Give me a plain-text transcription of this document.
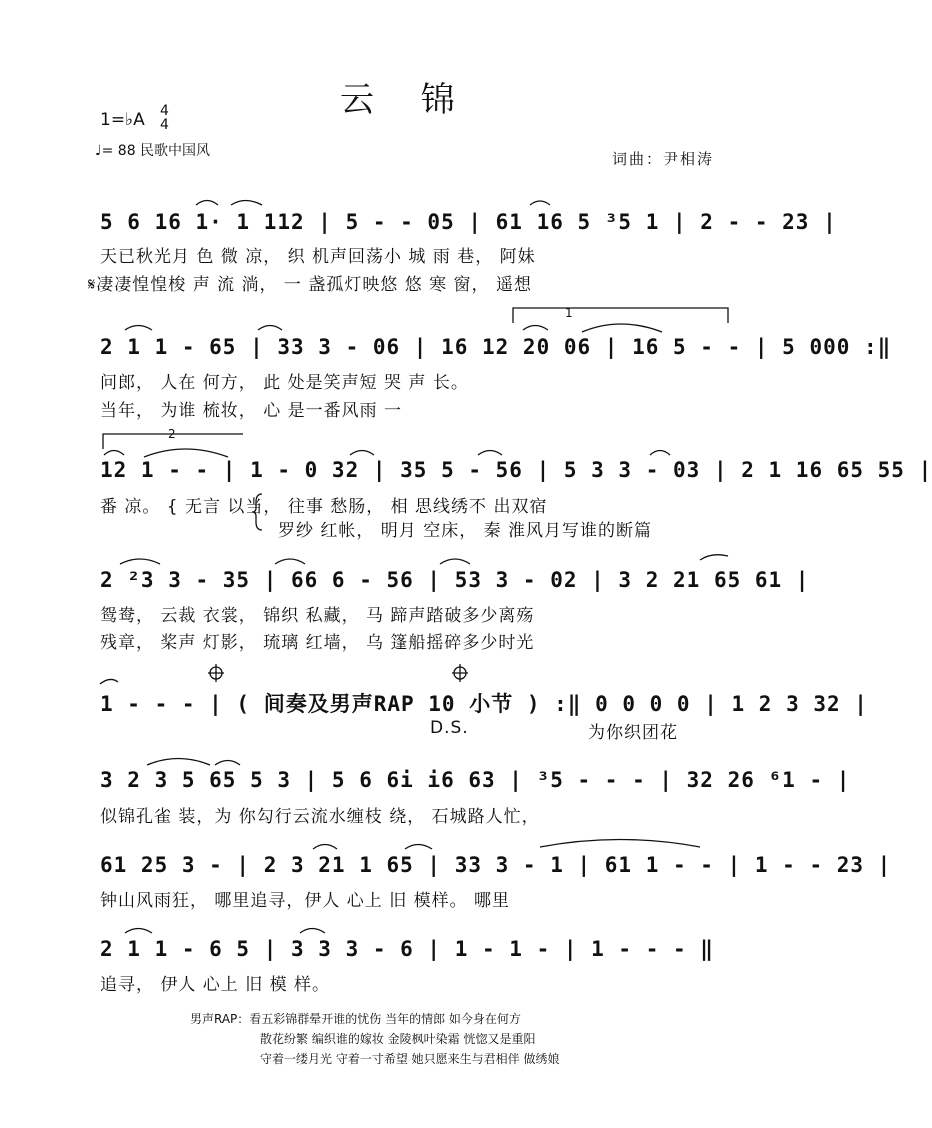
云 锦
1=♭A 4
4
♩= 88 民歌中国风	词曲：尹相涛
5 6 16 1· 1 112 | 5 - - 05 | 61 16 5 ³5 1 | 2 - - 23 |
天已秋光月 色 微 凉， 织 机声回荡小 城 雨 巷， 阿妹
𝄋凄凄惶惶梭 声 流 淌， 一 盏孤灯映悠 悠 寒 窗， 遥想
1
2 1 1 - 65 | 33 3 - 06 | 16 12 20 06 | 16 5 - - | 5 000 :‖
问郎， 人在 何方， 此 处是笑声短 哭 声 长。
当年， 为谁 梳妆， 心 是一番风雨 一
2
12 1 - - | 1 - 0 32 | 35 5 - 56 | 5 3 3 - 03 | 2 1 16 65 55 |
番 凉。 { 无言 以当， 往事 愁肠， 相 思线绣不 出双宿
罗纱 红帐， 明月 空床， 秦 淮风月写谁的断篇
2 ²3 3 - 35 | 66 6 - 56 | 53 3 - 02 | 3 2 21 65 61 |
鸳鸯， 云裁 衣裳， 锦织 私藏， 马 蹄声踏破多少离殇
残章， 桨声 灯影， 琉璃 红墙， 乌 篷船摇碎多少时光
1 - - - | ( 间奏及男声RAP 10 小节 ) :‖ 0 0 0 0 | 1 2 3 32 |
D.S.	为你织团花
3 2 3 5 65 5 3 | 5 6 6i i6 63 | ³5 - - - | 32 26 ⁶1 - |
似锦孔雀 装，为 你勾行云流水缠枝 绕， 石城路人忙，
61 25 3 - | 2 3 21 1 65 | 33 3 - 1 | 61 1 - - | 1 - - 23 |
钟山风雨狂， 哪里追寻，伊人 心上 旧 模样。 哪里
2 1 1 - 6 5 | 3 3 3 - 6 | 1 - 1 - | 1 - - - ‖
追寻， 伊人 心上 旧 模 样。
男声RAP：看五彩锦群晕开谁的忧伤 当年的情郎 如今身在何方
散花纷繁 编织谁的嫁妆 金陵枫叶染霜 恍惚又是重阳
守着一缕月光 守着一寸希望 她只愿来生与君相伴 做绣娘
